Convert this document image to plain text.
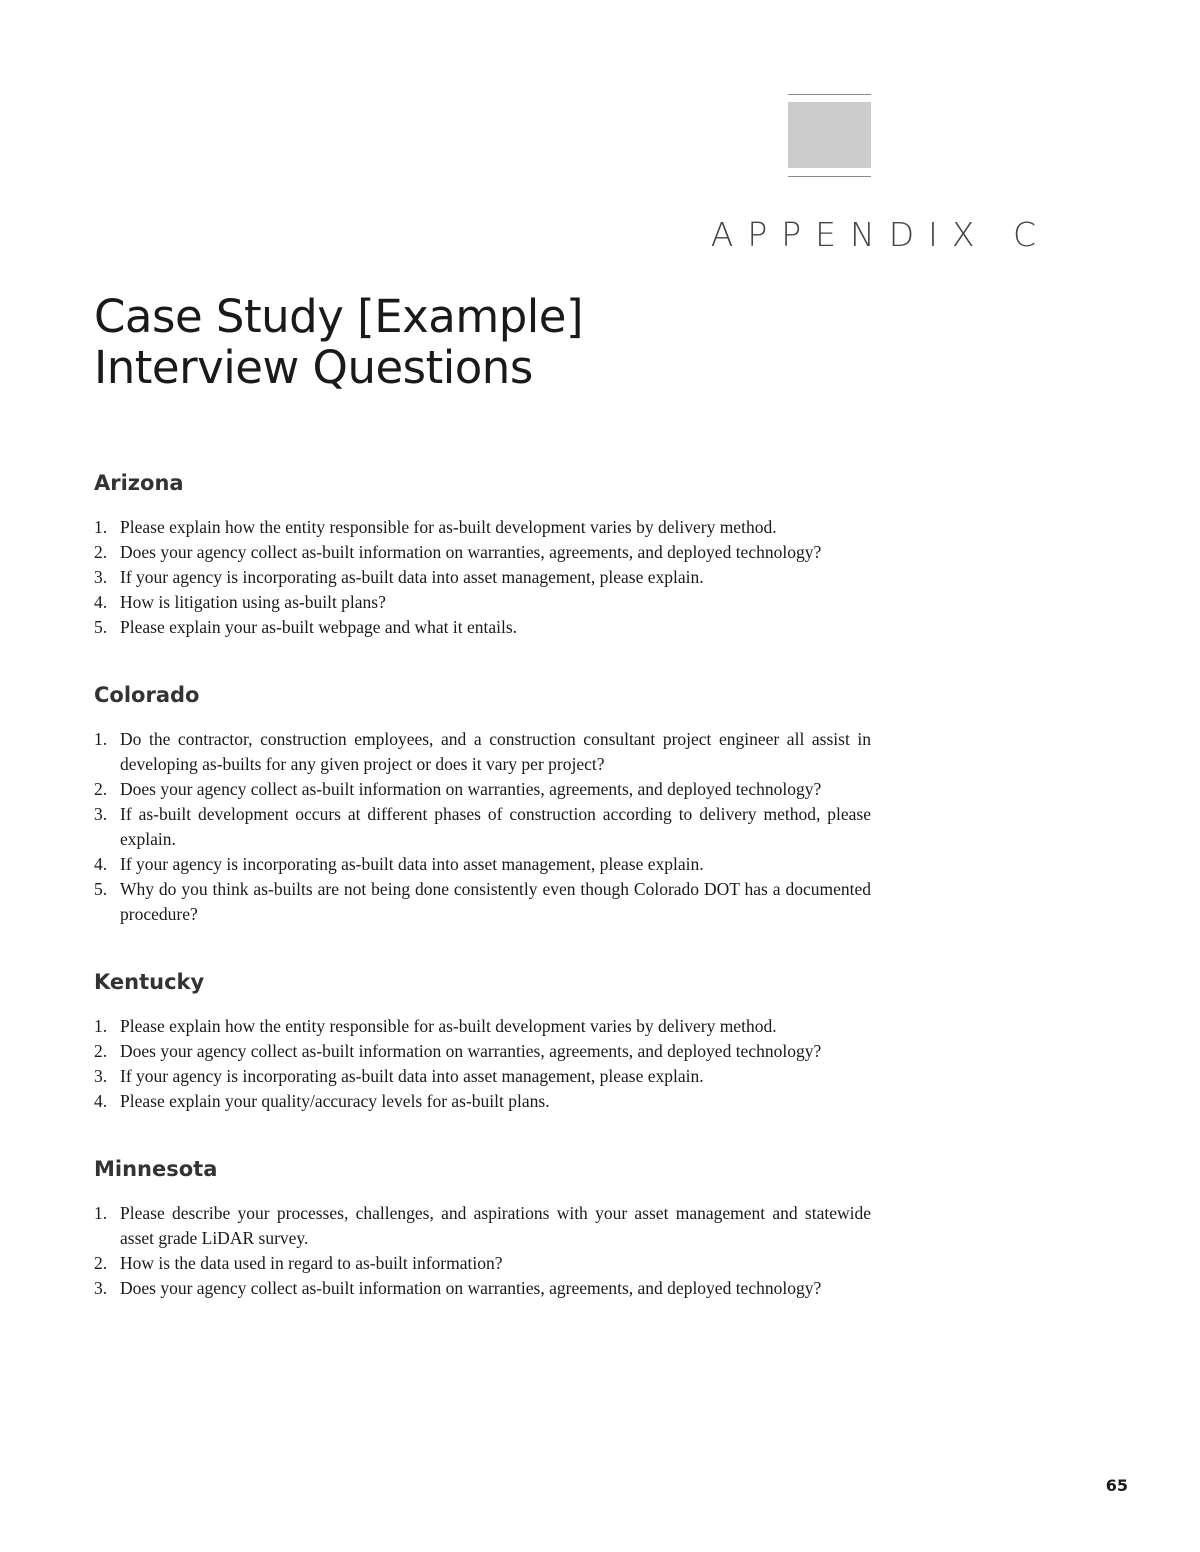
APPENDIX C
Case Study [Example]
Interview Questions
Arizona
1. Please explain how the entity responsible for as-built development varies by delivery method.
2. Does your agency collect as-built information on warranties, agreements, and deployed technology?
3. If your agency is incorporating as-built data into asset management, please explain.
4. How is litigation using as-built plans?
5. Please explain your as-built webpage and what it entails.
Colorado
1. Do the contractor, construction employees, and a construction consultant project engineer all assist in developing as-builts for any given project or does it vary per project?
2. Does your agency collect as-built information on warranties, agreements, and deployed technology?
3. If as-built development occurs at different phases of construction according to delivery method, please explain.
4. If your agency is incorporating as-built data into asset management, please explain.
5. Why do you think as-builts are not being done consistently even though Colorado DOT has a documented procedure?
Kentucky
1. Please explain how the entity responsible for as-built development varies by delivery method.
2. Does your agency collect as-built information on warranties, agreements, and deployed technology?
3. If your agency is incorporating as-built data into asset management, please explain.
4. Please explain your quality/accuracy levels for as-built plans.
Minnesota
1. Please describe your processes, challenges, and aspirations with your asset management and statewide asset grade LiDAR survey.
2. How is the data used in regard to as-built information?
3. Does your agency collect as-built information on warranties, agreements, and deployed technology?
65
